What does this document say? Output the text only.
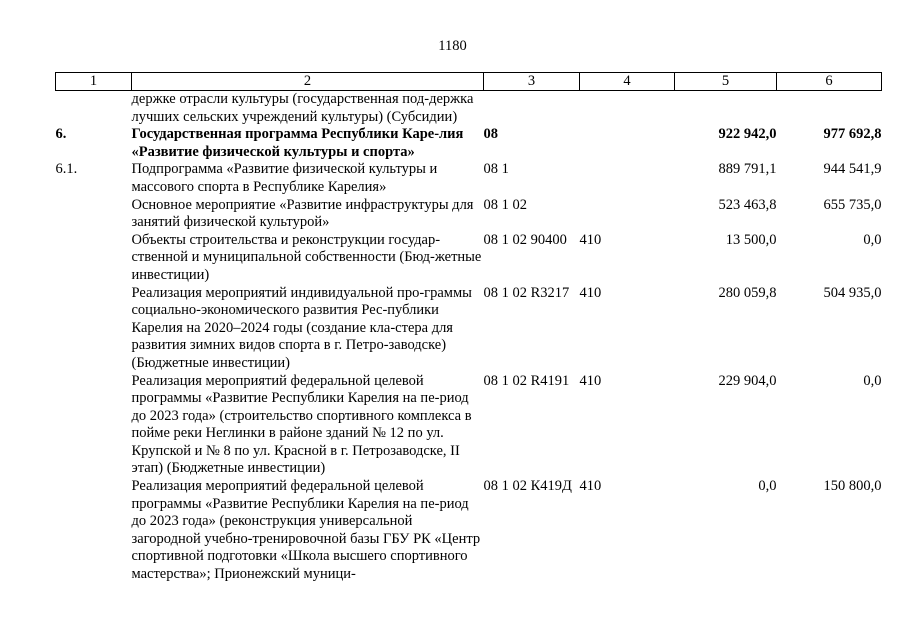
1180
1	2	3	4	5	6
	держке отрасли культуры (государственная под-держка лучших сельских учреждений культуры) (Субсидии)				
6.	Государственная программа Республики Каре-лия «Развитие физической культуры и спорта»	08		922 942,0	977 692,8
6.1.	Подпрограмма «Развитие физической культуры и массового спорта в Республике Карелия»	08 1		889 791,1	944 541,9
	Основное мероприятие «Развитие инфраструктуры для занятий физической культурой»	08 1 02		523 463,8	655 735,0
	Объекты строительства и реконструкции государ-ственной и муниципальной собственности (Бюд-жетные инвестиции)	08 1 02 90400	410	13 500,0	0,0
	Реализация мероприятий индивидуальной про-граммы социально-экономического развития Рес-публики Карелия на 2020–2024 годы (создание кла-стера для развития зимних видов спорта в г. Петро-заводске) (Бюджетные инвестиции)	08 1 02 R3217	410	280 059,8	504 935,0
	Реализация мероприятий федеральной целевой программы «Развитие Республики Карелия на пе-риод до 2023 года» (строительство спортивного комплекса в пойме реки Неглинки в районе зданий № 12 по ул. Крупской и № 8 по ул. Красной в г. Петрозаводске, II этап) (Бюджетные инвестиции)	08 1 02 R4191	410	229 904,0	0,0
	Реализация мероприятий федеральной целевой программы «Развитие Республики Карелия на пе-риод до 2023 года» (реконструкция универсальной загородной учебно-тренировочной базы ГБУ РК «Центр спортивной подготовки «Школа высшего спортивного мастерства»; Прионежский муници-	08 1 02 К419Д	410	0,0	150 800,0
